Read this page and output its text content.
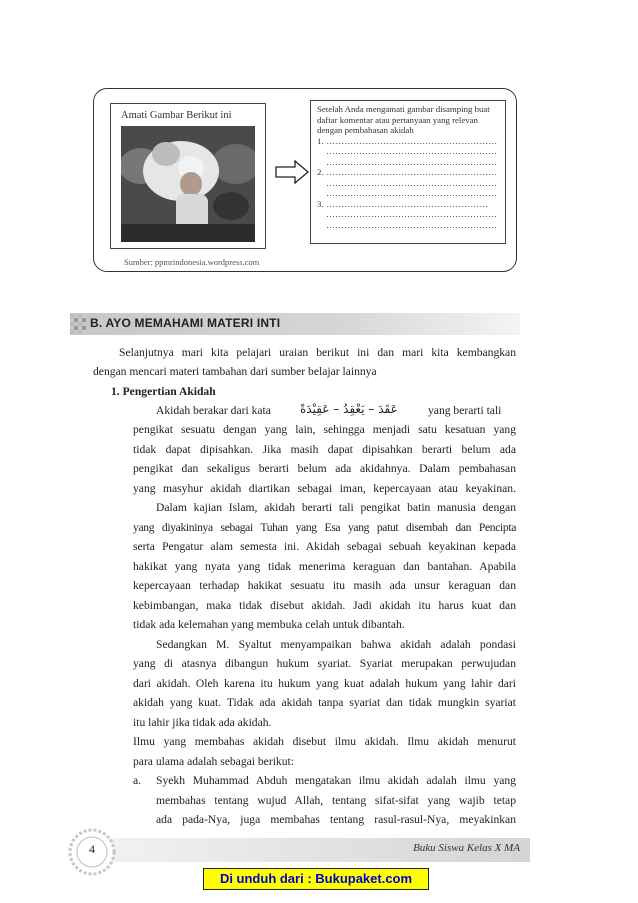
Amati Gambar Berikut ini
Sumber: ppmrindonesia.wordpress.com
Setelah Anda mengamati gambar disamping buat daftar komentar atau pertanyaan yang relevan dengan pembahasan akidah
1. …………………………………………………
…………………………………………………
…………………………………………………
2. …………………………………………………
…………………………………………………
…………………………………………………
3. ………………………………………………
…………………………………………………
…………………………………………………
B. AYO MEMAHAMI MATERI INTI
Selanjutnya mari kita pelajari uraian berikut ini dan mari kita kembangkan
dengan mencari materi tambahan dari sumber belajar lainnya
1. Pengertian Akidah
Akidah berakar dari kata عَقَدَ – يَعْقِدُ – عَقِيْدَةً	yang berarti tali
pengikat sesuatu dengan yang lain, sehingga menjadi satu kesatuan yang
tidak dapat dipisahkan. Jika masih dapat dipisahkan berarti belum ada
pengikat dan sekaligus berarti belum ada akidahnya. Dalam pembahasan
yang masyhur akidah diartikan sebagai iman, kepercayaan atau keyakinan.
Dalam kajian Islam, akidah berarti tali pengikat batin manusia dengan
yang diyakininya sebagai Tuhan yang Esa yang patut disembah dan Pencipta
serta Pengatur alam semesta ini. Akidah sebagai sebuah keyakinan kepada
hakikat yang nyata yang tidak menerima keraguan dan bantahan. Apabila
kepercayaan terhadap hakikat sesuatu itu masih ada unsur keraguan dan
kebimbangan, maka tidak disebut akidah. Jadi akidah itu harus kuat dan
tidak ada kelemahan yang membuka celah untuk dibantah.
Sedangkan M. Syaltut menyampaikan bahwa akidah adalah pondasi
yang di atasnya dibangun hukum syariat. Syariat merupakan perwujudan
dari akidah. Oleh karena itu hukum yang kuat adalah hukum yang lahir dari
akidah yang kuat. Tidak ada akidah tanpa syariat dan tidak mungkin syariat
itu lahir jika tidak ada akidah.
Ilmu yang membahas akidah disebut ilmu akidah. Ilmu akidah menurut
para ulama adalah sebagai berikut:
a. Syekh Muhammad Abduh mengatakan ilmu akidah adalah ilmu yang
membahas tentang wujud Allah, tentang sifat-sifat yang wajib tetap
ada pada-Nya, juga membahas tentang rasul-rasul-Nya, meyakinkan
4	Buku Siswa Kelas X MA
Di unduh dari : Bukupaket.com
